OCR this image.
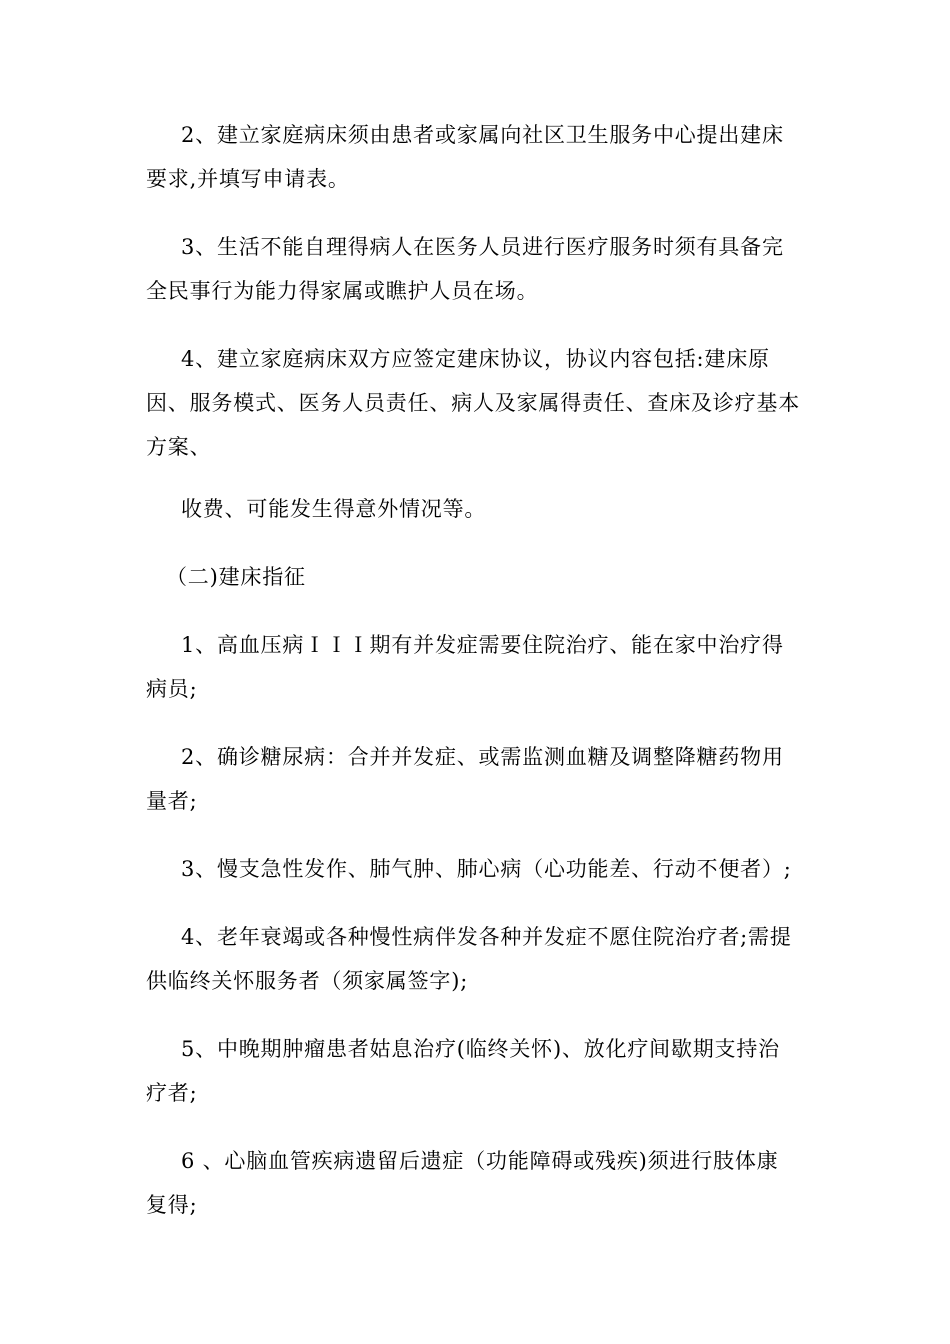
2、建立家庭病床须由患者或家属向社区卫生服务中心提出建床要求,并填写申请表。

3、生活不能自理得病人在医务人员进行医疗服务时须有具备完全民事行为能力得家属或瞧护人员在场。

4、建立家庭病床双方应签定建床协议，协议内容包括:建床原因、服务模式、医务人员责任、病人及家属得责任、查床及诊疗基本方案、

收费、可能发生得意外情况等。

（二)建床指征

1、高血压病ＩＩＩ期有并发症需要住院治疗、能在家中治疗得病员;

2、确诊糖尿病：合并并发症、或需监测血糖及调整降糖药物用量者;

3、慢支急性发作、肺气肿、肺心病（心功能差、行动不便者）;

4、老年衰竭或各种慢性病伴发各种并发症不愿住院治疗者;需提供临终关怀服务者（须家属签字);

5、中晚期肿瘤患者姑息治疗(临终关怀)、放化疗间歇期支持治疗者;

6 、心脑血管疾病遗留后遗症（功能障碍或残疾)须进行肢体康复得;
